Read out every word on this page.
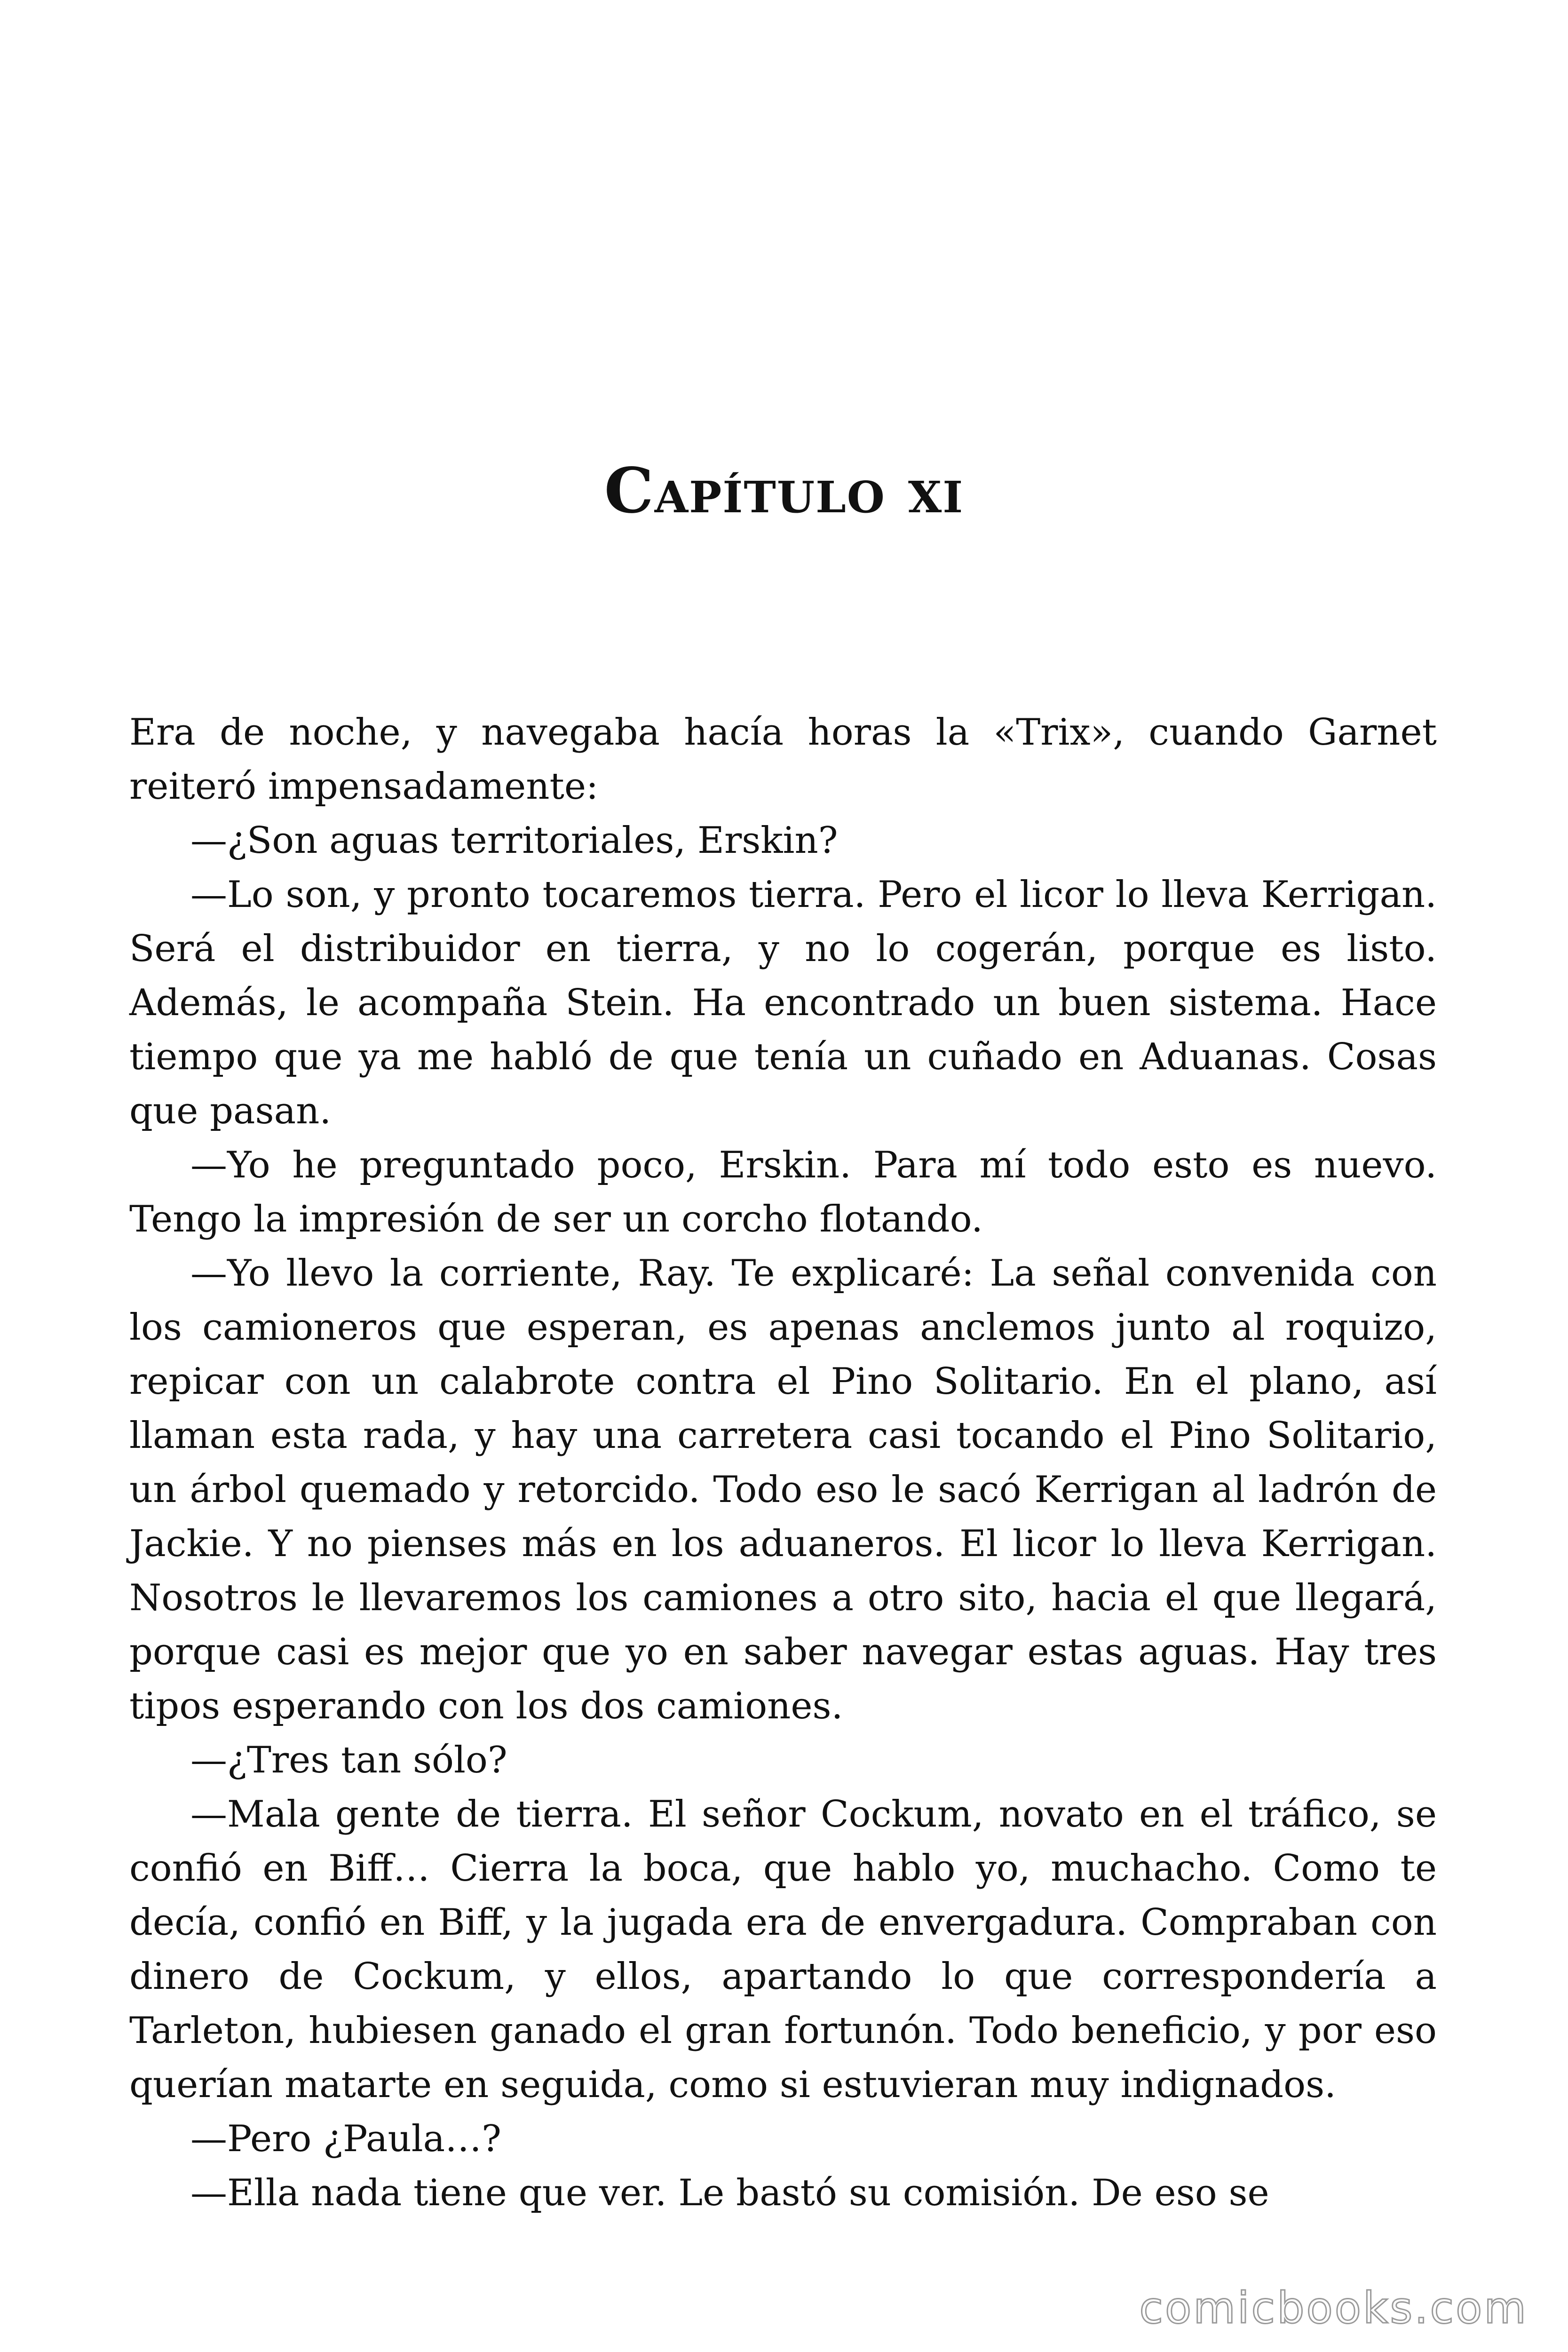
Capítulo xi

Era de noche, y navegaba hacía horas la «Trix», cuando Garnet reiteró impensadamente:

—¿Son aguas territoriales, Erskin?

—Lo son, y pronto tocaremos tierra. Pero el licor lo lleva Kerrigan. Será el distribuidor en tierra, y no lo cogerán, porque es listo. Además, le acompaña Stein. Ha encontrado un buen sistema. Hace tiempo que ya me habló de que tenía un cuñado en Aduanas. Cosas que pasan.

—Yo he preguntado poco, Erskin. Para mí todo esto es nuevo. Tengo la impresión de ser un corcho flotando.

—Yo llevo la corriente, Ray. Te explicaré: La señal convenida con los camioneros que esperan, es apenas anclemos junto al roquizo, repicar con un calabrote contra el Pino Solitario. En el plano, así llaman esta rada, y hay una carretera casi tocando el Pino Solitario, un árbol quemado y retorcido. Todo eso le sacó Kerrigan al ladrón de Jackie. Y no pienses más en los aduaneros. El licor lo lleva Kerrigan. Nosotros le llevaremos los camiones a otro sito, hacia el que llegará, porque casi es mejor que yo en saber navegar estas aguas. Hay tres tipos esperando con los dos camiones.

—¿Tres tan sólo?

—Mala gente de tierra. El señor Cockum, novato en el tráfico, se confió en Biff… Cierra la boca, que hablo yo, muchacho. Como te decía, confió en Biff, y la jugada era de envergadura. Compraban con dinero de Cockum, y ellos, apartando lo que correspondería a Tarleton, hubiesen ganado el gran fortunón. Todo beneficio, y por eso querían matarte en seguida, como si estuvieran muy indignados.

—Pero ¿Paula…?

—Ella nada tiene que ver. Le bastó su comisión. De eso se

comicbooks.com
